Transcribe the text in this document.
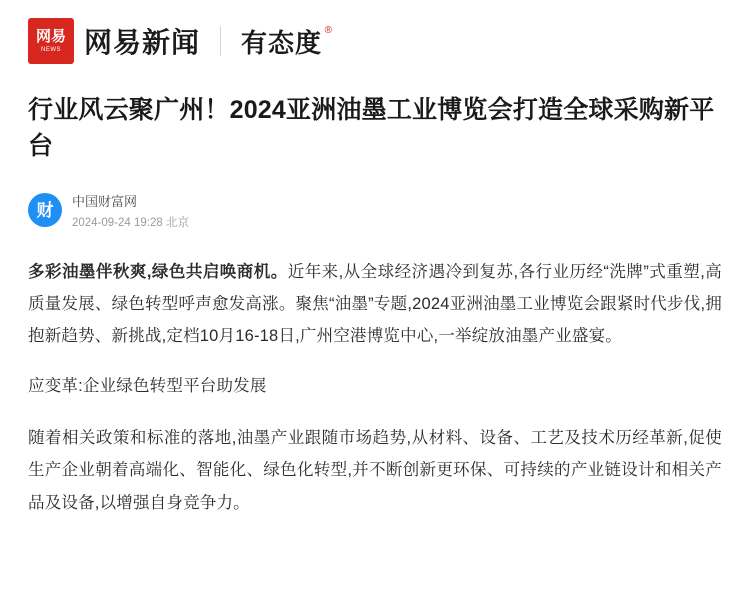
网易
NEWS 网易新闻 有态度 ®
行业风云聚广州！2024亚洲油墨工业博览会打造全球采购新平台
财 中国财富网
2024-09-24 19:28 北京

多彩油墨伴秋爽,绿色共启唤商机。近年来,从全球经济遇冷到复苏,各行业历经“洗牌”式重塑,高质量发展、绿色转型呼声愈发高涨。聚焦“油墨”专题,2024亚洲油墨工业博览会跟紧时代步伐,拥抱新趋势、新挑战,定档10月16-18日,广州空港博览中心,一举绽放油墨产业盛宴。

应变革:企业绿色转型平台助发展

随着相关政策和标准的落地,油墨产业跟随市场趋势,从材料、设备、工艺及技术历经革新,促使生产企业朝着高端化、智能化、绿色化转型,并不断创新更环保、可持续的产业链设计和相关产品及设备,以增强自身竞争力。
